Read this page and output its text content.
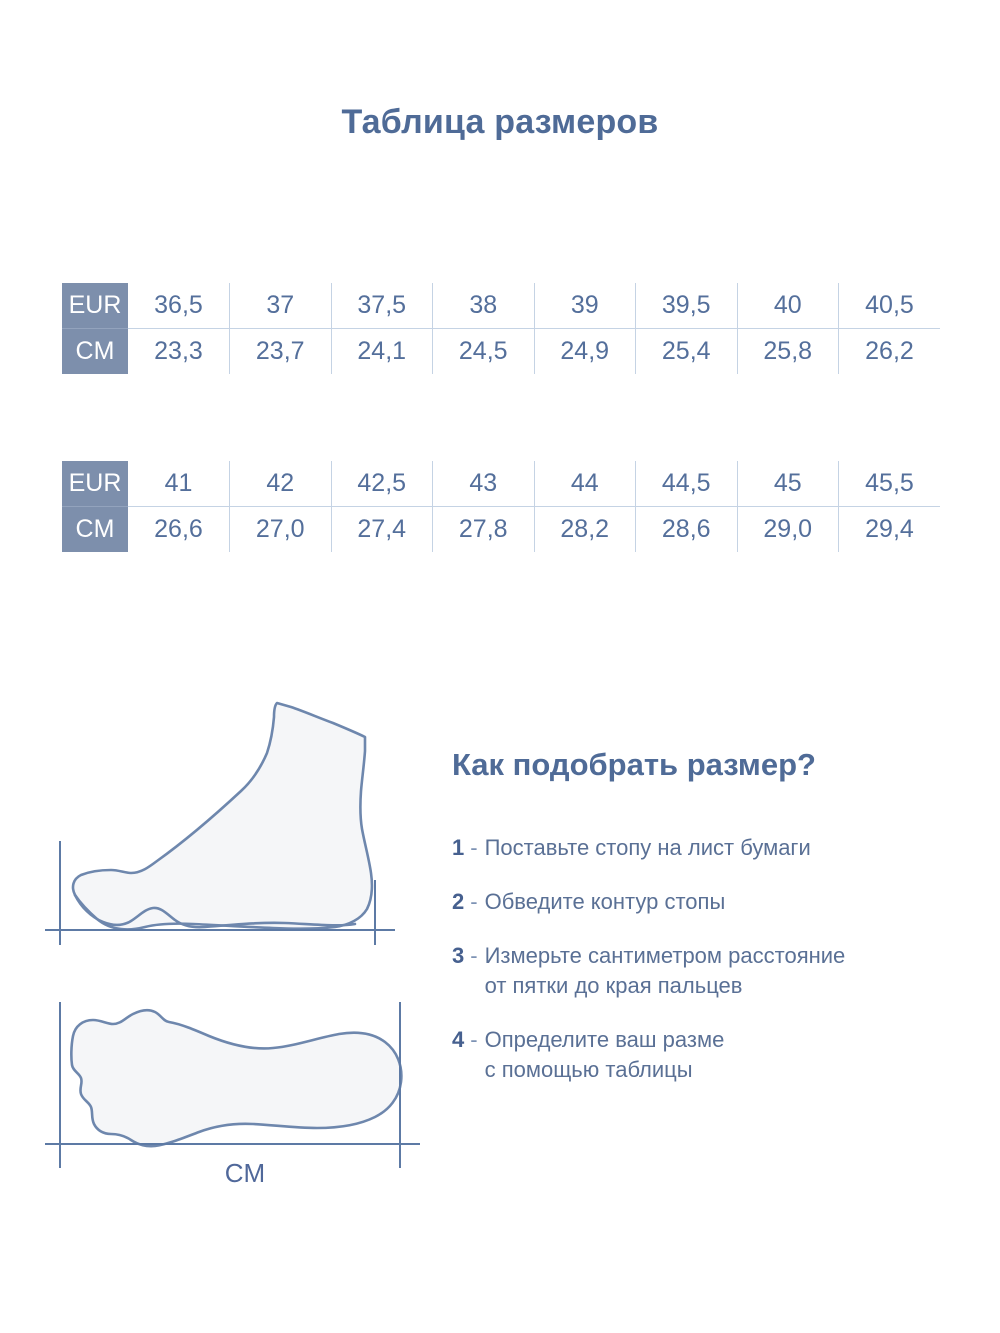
Таблица размеров
EUR	36,5	37	37,5	38	39	39,5	40	40,5
CM	23,3	23,7	24,1	24,5	24,9	25,4	25,8	26,2
EUR	41	42	42,5	43	44	44,5	45	45,5
CM	26,6	27,0	27,4	27,8	28,2	28,6	29,0	29,4
CM
Как подобрать размер?
1 - Поставьте стопу на лист бумаги
2 - Обведите контур стопы
3 - Измерьте сантиметром расстояние
от пятки до края пальцев
4 - Определите ваш разме
с помощью таблицы
